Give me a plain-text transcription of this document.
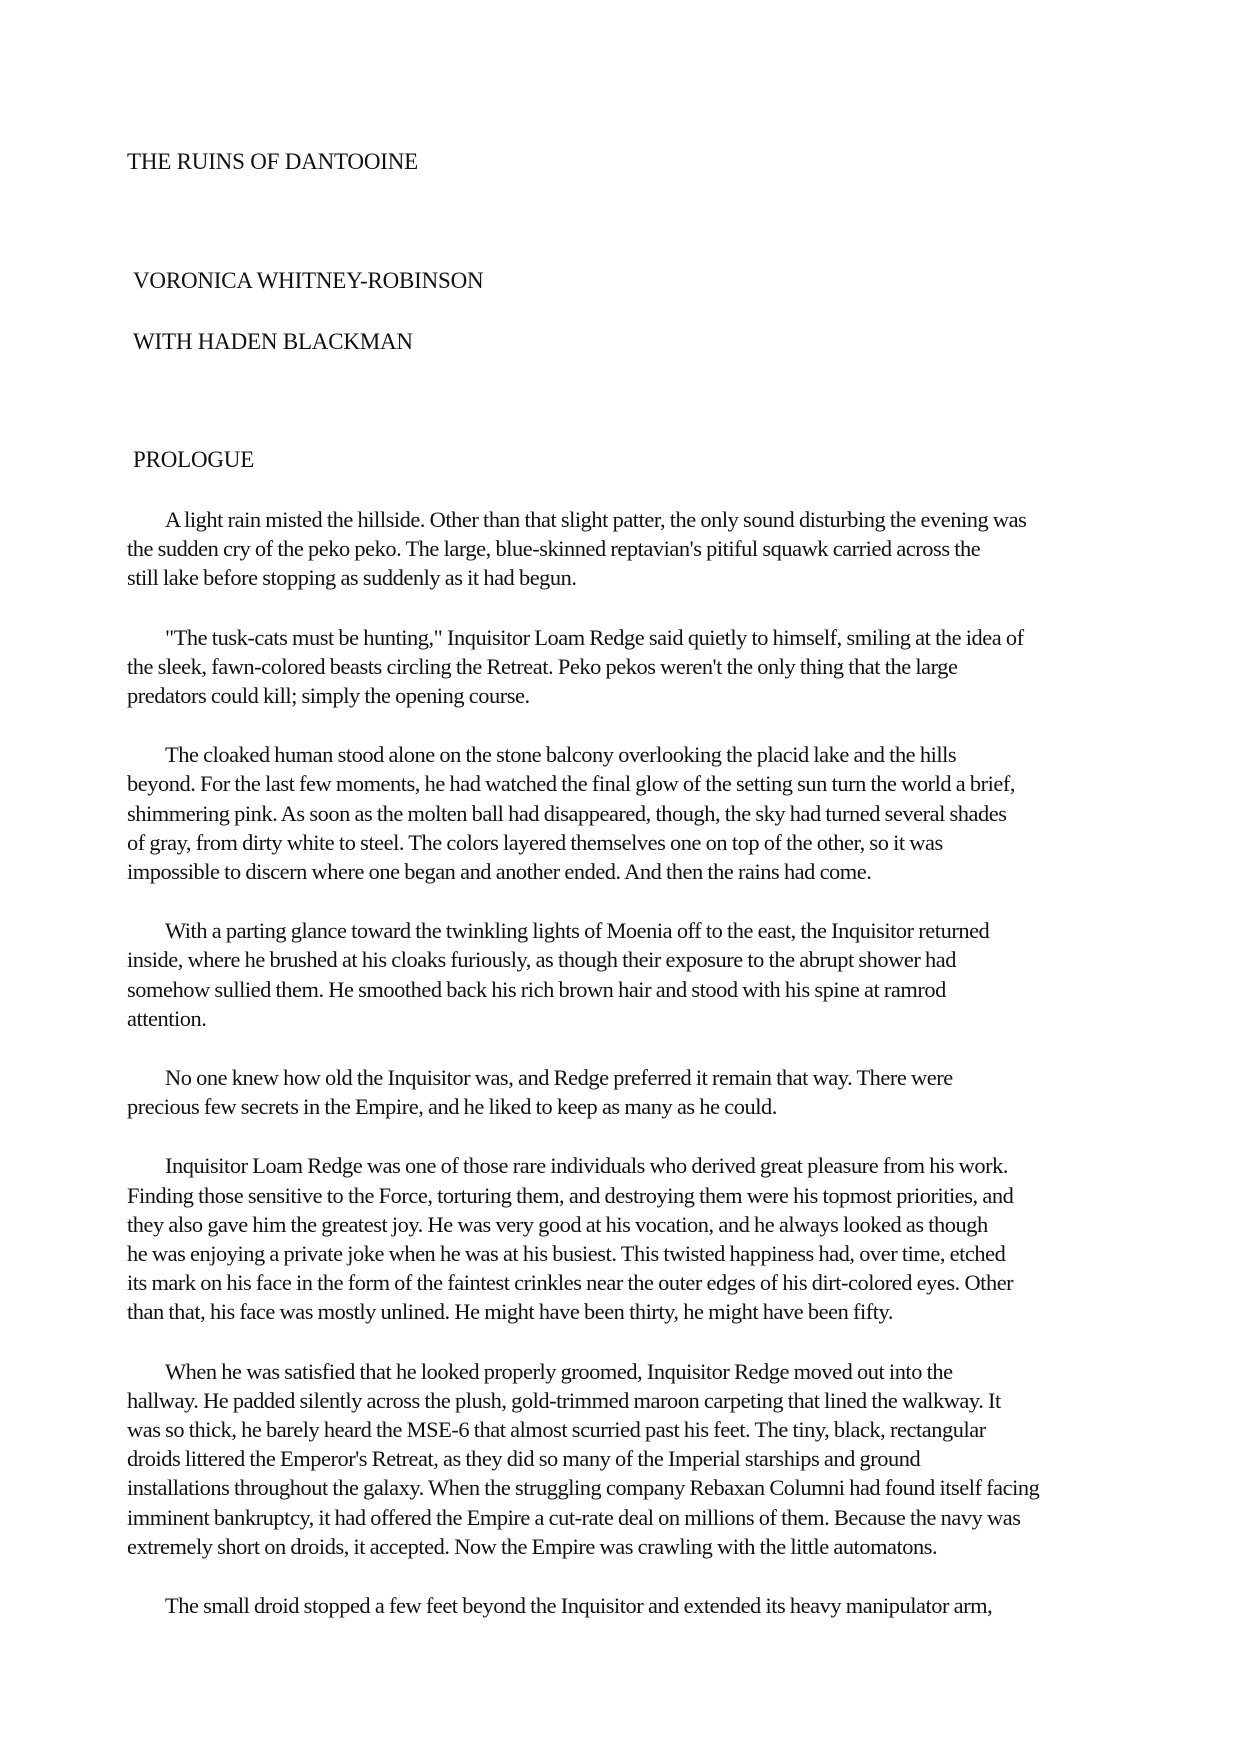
THE RUINS OF DANTOOINE
VORONICA WHITNEY-ROBINSON
WITH HADEN BLACKMAN
PROLOGUE

A light rain misted the hillside. Other than that slight patter, the only sound disturbing the evening was
the sudden cry of the peko peko. The large, blue-skinned reptavian's pitiful squawk carried across the
still lake before stopping as suddenly as it had begun.

"The tusk-cats must be hunting," Inquisitor Loam Redge said quietly to himself, smiling at the idea of
the sleek, fawn-colored beasts circling the Retreat. Peko pekos weren't the only thing that the large
predators could kill; simply the opening course.

The cloaked human stood alone on the stone balcony overlooking the placid lake and the hills
beyond. For the last few moments, he had watched the final glow of the setting sun turn the world a brief,
shimmering pink. As soon as the molten ball had disappeared, though, the sky had turned several shades
of gray, from dirty white to steel. The colors layered themselves one on top of the other, so it was
impossible to discern where one began and another ended. And then the rains had come.

With a parting glance toward the twinkling lights of Moenia off to the east, the Inquisitor returned
inside, where he brushed at his cloaks furiously, as though their exposure to the abrupt shower had
somehow sullied them. He smoothed back his rich brown hair and stood with his spine at ramrod
attention.

No one knew how old the Inquisitor was, and Redge preferred it remain that way. There were
precious few secrets in the Empire, and he liked to keep as many as he could.

Inquisitor Loam Redge was one of those rare individuals who derived great pleasure from his work.
Finding those sensitive to the Force, torturing them, and destroying them were his topmost priorities, and
they also gave him the greatest joy. He was very good at his vocation, and he always looked as though
he was enjoying a private joke when he was at his busiest. This twisted happiness had, over time, etched
its mark on his face in the form of the faintest crinkles near the outer edges of his dirt-colored eyes. Other
than that, his face was mostly unlined. He might have been thirty, he might have been fifty.

When he was satisfied that he looked properly groomed, Inquisitor Redge moved out into the
hallway. He padded silently across the plush, gold-trimmed maroon carpeting that lined the walkway. It
was so thick, he barely heard the MSE-6 that almost scurried past his feet. The tiny, black, rectangular
droids littered the Emperor's Retreat, as they did so many of the Imperial starships and ground
installations throughout the galaxy. When the struggling company Rebaxan Columni had found itself facing
imminent bankruptcy, it had offered the Empire a cut-rate deal on millions of them. Because the navy was
extremely short on droids, it accepted. Now the Empire was crawling with the little automatons.

The small droid stopped a few feet beyond the Inquisitor and extended its heavy manipulator arm,
